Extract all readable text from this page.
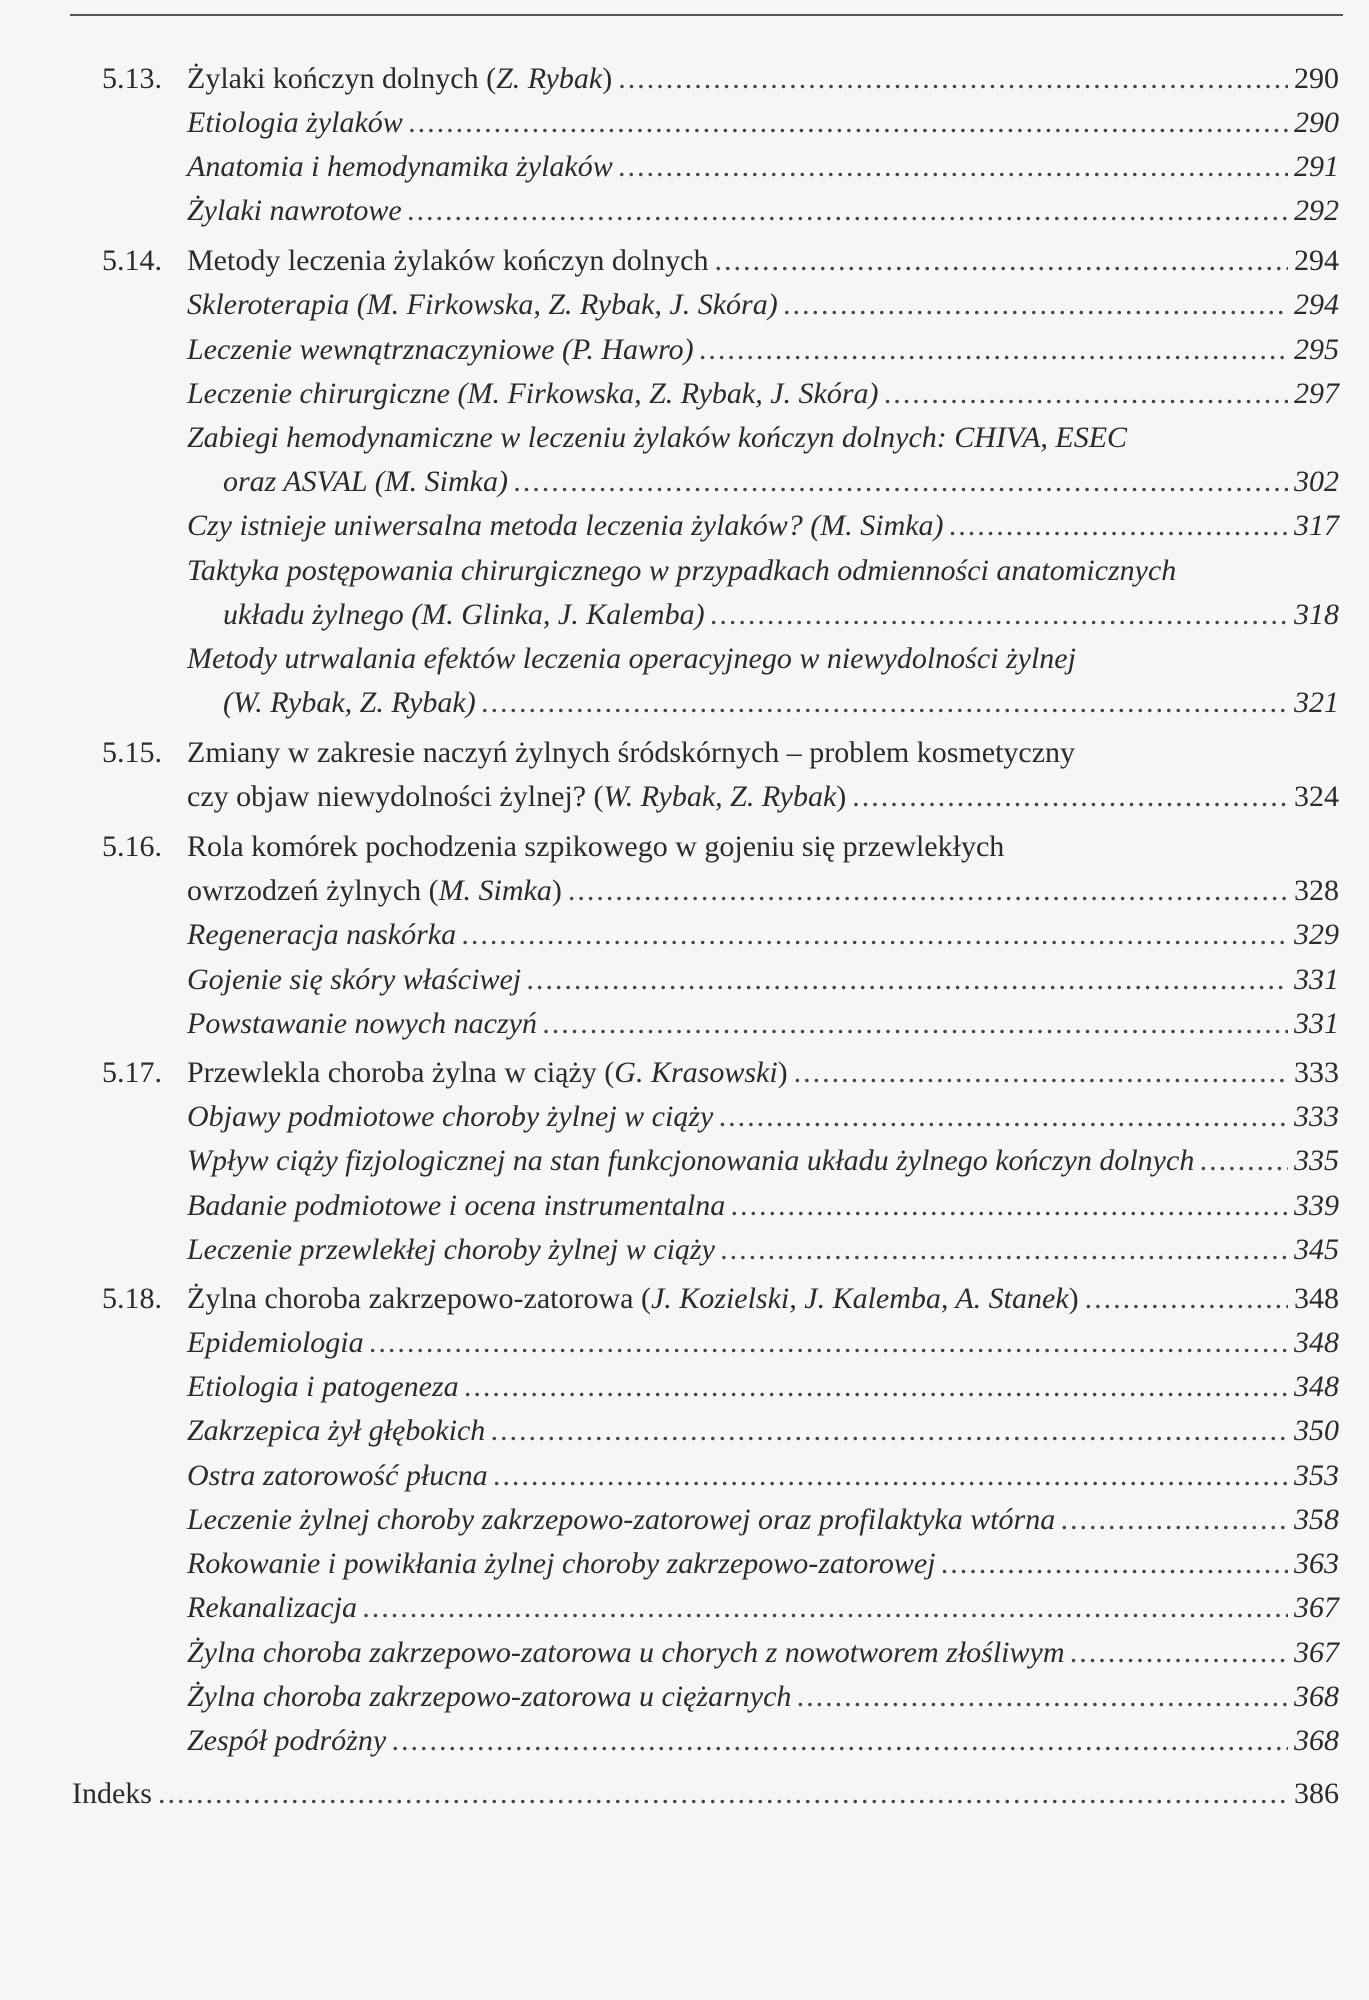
5.13. Żylaki kończyn dolnych (Z. Rybak) .....	290
Etiologia żylaków .....	290
Anatomia i hemodynamika żylaków .....	291
Żylaki nawrotowe .....	292
5.14. Metody leczenia żylaków kończyn dolnych .....	294
Skleroterapia (M. Firkowska, Z. Rybak, J. Skóra) .....	294
Leczenie wewnątrznaczyniowe (P. Hawro) .....	295
Leczenie chirurgiczne (M. Firkowska, Z. Rybak, J. Skóra) .....	297
Zabiegi hemodynamiczne w leczeniu żylaków kończyn dolnych: CHIVA, ESEC
oraz ASVAL (M. Simka) .....	302
Czy istnieje uniwersalna metoda leczenia żylaków? (M. Simka) .....	317
Taktyka postępowania chirurgicznego w przypadkach odmienności anatomicznych
układu żylnego (M. Glinka, J. Kalemba) .....	318
Metody utrwalania efektów leczenia operacyjnego w niewydolności żylnej
(W. Rybak, Z. Rybak) .....	321
5.15. Zmiany w zakresie naczyń żylnych śródskórnych – problem kosmetyczny
czy objaw niewydolności żylnej? (W. Rybak, Z. Rybak) .....	324
5.16. Rola komórek pochodzenia szpikowego w gojeniu się przewlekłych
owrzodzeń żylnych (M. Simka) .....	328
Regeneracja naskórka .....	329
Gojenie się skóry właściwej .....	331
Powstawanie nowych naczyń .....	331
5.17. Przewlekla choroba żylna w ciąży (G. Krasowski) .....	333
Objawy podmiotowe choroby żylnej w ciąży .....	333
Wpływ ciąży fizjologicznej na stan funkcjonowania układu żylnego kończyn dolnych .....	335
Badanie podmiotowe i ocena instrumentalna .....	339
Leczenie przewlekłej choroby żylnej w ciąży .....	345
5.18. Żylna choroba zakrzepowo-zatorowa (J. Kozielski, J. Kalemba, A. Stanek) .....	348
Epidemiologia .....	348
Etiologia i patogeneza .....	348
Zakrzepica żył głębokich .....	350
Ostra zatorowość płucna .....	353
Leczenie żylnej choroby zakrzepowo-zatorowej oraz profilaktyka wtórna .....	358
Rokowanie i powikłania żylnej choroby zakrzepowo-zatorowej .....	363
Rekanalizacja .....	367
Żylna choroba zakrzepowo-zatorowa u chorych z nowotworem złośliwym .....	367
Żylna choroba zakrzepowo-zatorowa u ciężarnych .....	368
Zespół podróżny .....	368
Indeks .....	386
